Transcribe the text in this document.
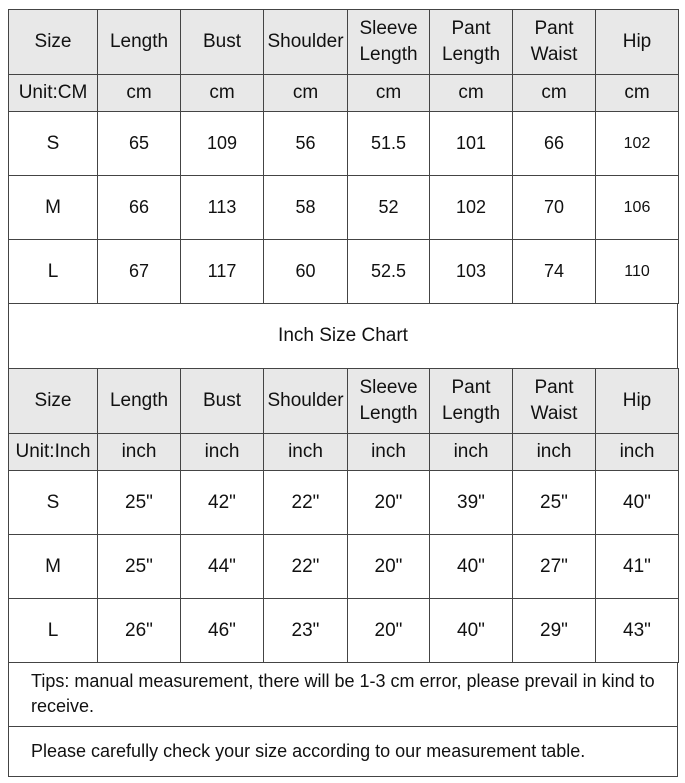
Size	Length	Bust	Shoulder	Sleeve Length	Pant Length	Pant Waist	Hip
Unit:CM	cm	cm	cm	cm	cm	cm	cm
S	65	109	56	51.5	101	66	102
M	66	113	58	52	102	70	106
L	67	117	60	52.5	103	74	110
Inch Size Chart
Size	Length	Bust	Shoulder	Sleeve Length	Pant Length	Pant Waist	Hip
Unit:Inch	inch	inch	inch	inch	inch	inch	inch
S	25"	42"	22"	20"	39"	25"	40"
M	25"	44"	22"	20"	40"	27"	41"
L	26"	46"	23"	20"	40"	29"	43"
Tips: manual measurement, there will be 1-3 cm error, please prevail in kind to receive.
Please carefully check your size according to our measurement table.
